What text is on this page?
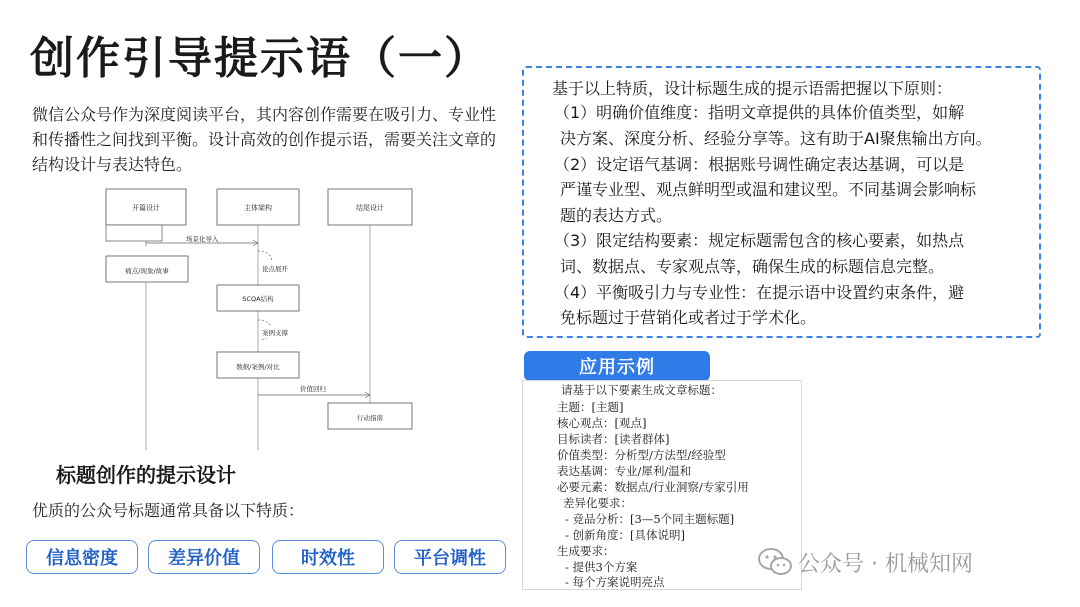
创作引导提示语（一）
微信公众号作为深度阅读平台，其内容创作需要在吸引力、专业性和传播性之间找到平衡。设计高效的创作提示语，需要关注文章的结构设计与表达特色。
开篇设计	主体架构	结尾设计
场景化导入
痛点/现象/故事	论点展开
SCQA结构
案例支撑
数据/案例/对比
价值回归
行动指南
标题创作的提示设计
优质的公众号标题通常具备以下特质：
信息密度	差异价值	时效性	平台调性

基于以上特质，设计标题生成的提示语需把握以下原则：

（1）明确价值维度：指明文章提供的具体价值类型，如解

决方案、深度分析、经验分享等。这有助于AI聚焦输出方向。

（2）设定语气基调：根据账号调性确定表达基调，可以是

严谨专业型、观点鲜明型或温和建议型。不同基调会影响标

题的表达方式。

（3）限定结构要素：规定标题需包含的核心要素，如热点

词、数据点、专家观点等，确保生成的标题信息完整。

（4）平衡吸引力与专业性：在提示语中设置约束条件，避

免标题过于营销化或者过于学术化。

应用示例
请基于以下要素生成文章标题：
主题：[主题]
核心观点：[观点]
目标读者：[读者群体]
价值类型：分析型/方法型/经验型
表达基调：专业/犀利/温和
必要元素：数据点/行业洞察/专家引用
差异化要求：
- 竞品分析：[3—5个同主题标题]
- 创新角度：[具体说明]
生成要求：
- 提供3个方案
- 每个方案说明亮点
公众号 · 机械知网
